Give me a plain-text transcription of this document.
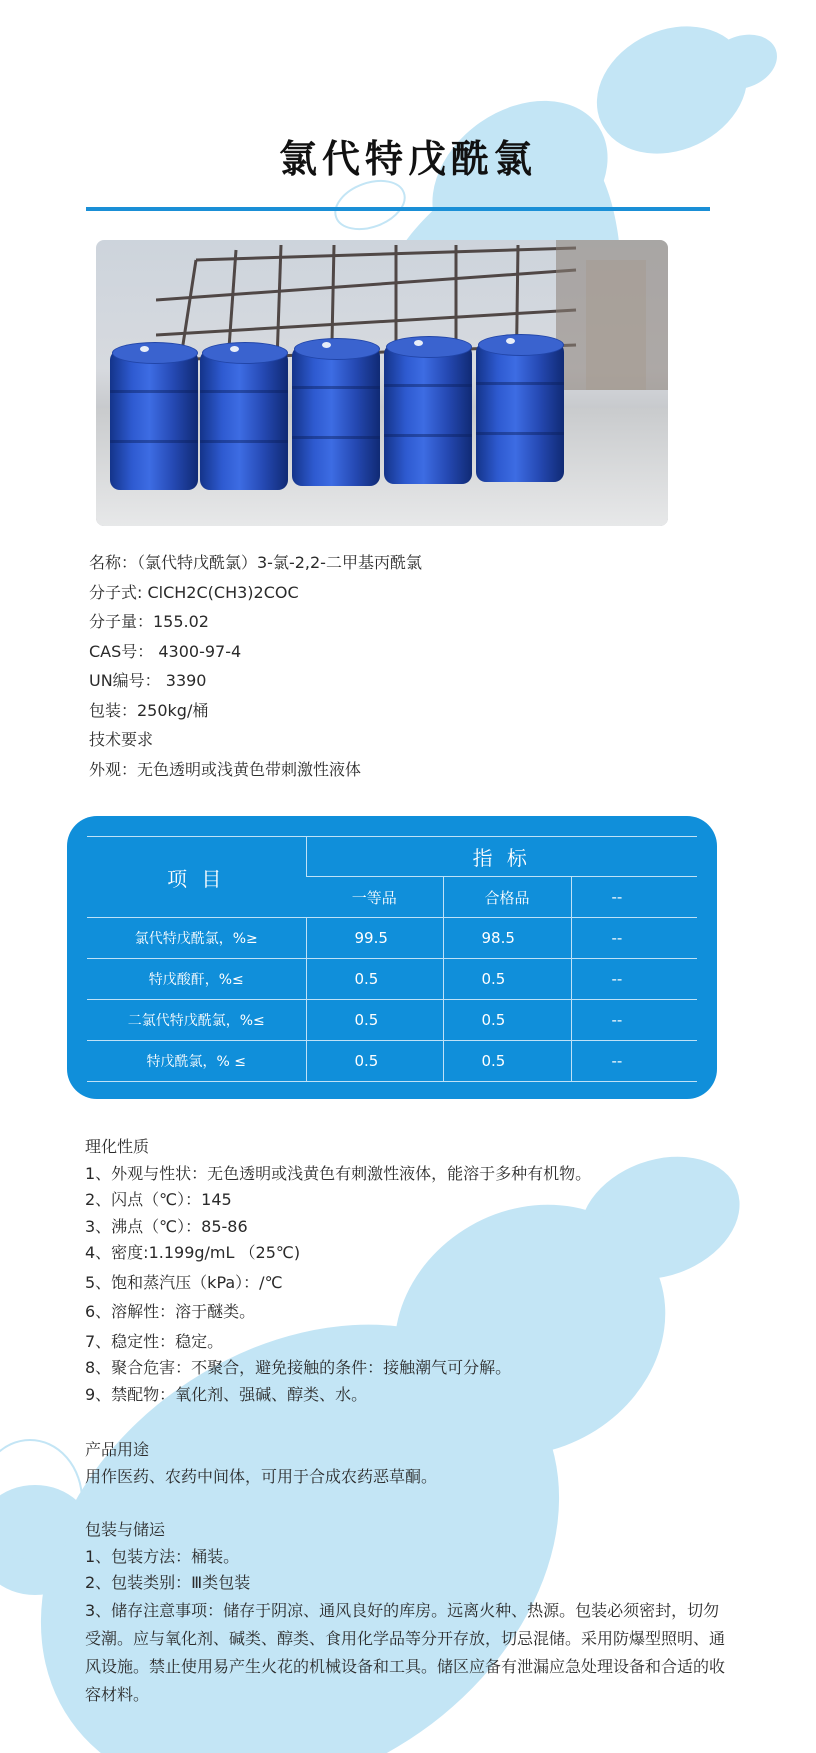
氯代特戊酰氯
名称：（氯代特戊酰氯）3-氯-2,2-二甲基丙酰氯
分子式: ClCH2C(CH3)2COC
分子量：155.02
CAS号： 4300-97-4
UN编号： 3390
包装：250kg/桶
技术要求
外观：无色透明或浅黄色带刺激性液体
项 目	指 标		
	一等品	合格品	--
氯代特戊酰氯，%≥	99.5	98.5	--
特戊酸酐，%≤	0.5	0.5	--
二氯代特戊酰氯，%≤	0.5	0.5	--
特戊酰氯，% ≤	0.5	0.5	--
理化性质
1、外观与性状：无色透明或浅黄色有刺激性液体，能溶于多种有机物。
2、闪点（℃）：145
3、沸点（℃）：85-86
4、密度:1.199g/mL （25℃)
5、饱和蒸汽压（kPa）：/℃
6、溶解性：溶于醚类。
7、稳定性：稳定。
8、聚合危害：不聚合，避免接触的条件：接触潮气可分解。
9、禁配物：氧化剂、强碱、醇类、水。
产品用途
用作医药、农药中间体，可用于合成农药恶草酮。
包装与储运
1、包装方法：桶装。
2、包装类别：Ⅲ类包装
3、储存注意事项：储存于阴凉、通风良好的库房。远离火种、热源。包装必须密封，切勿受潮。应与氧化剂、碱类、醇类、食用化学品等分开存放，切忌混储。采用防爆型照明、通风设施。禁止使用易产生火花的机械设备和工具。储区应备有泄漏应急处理设备和合适的收容材料。
